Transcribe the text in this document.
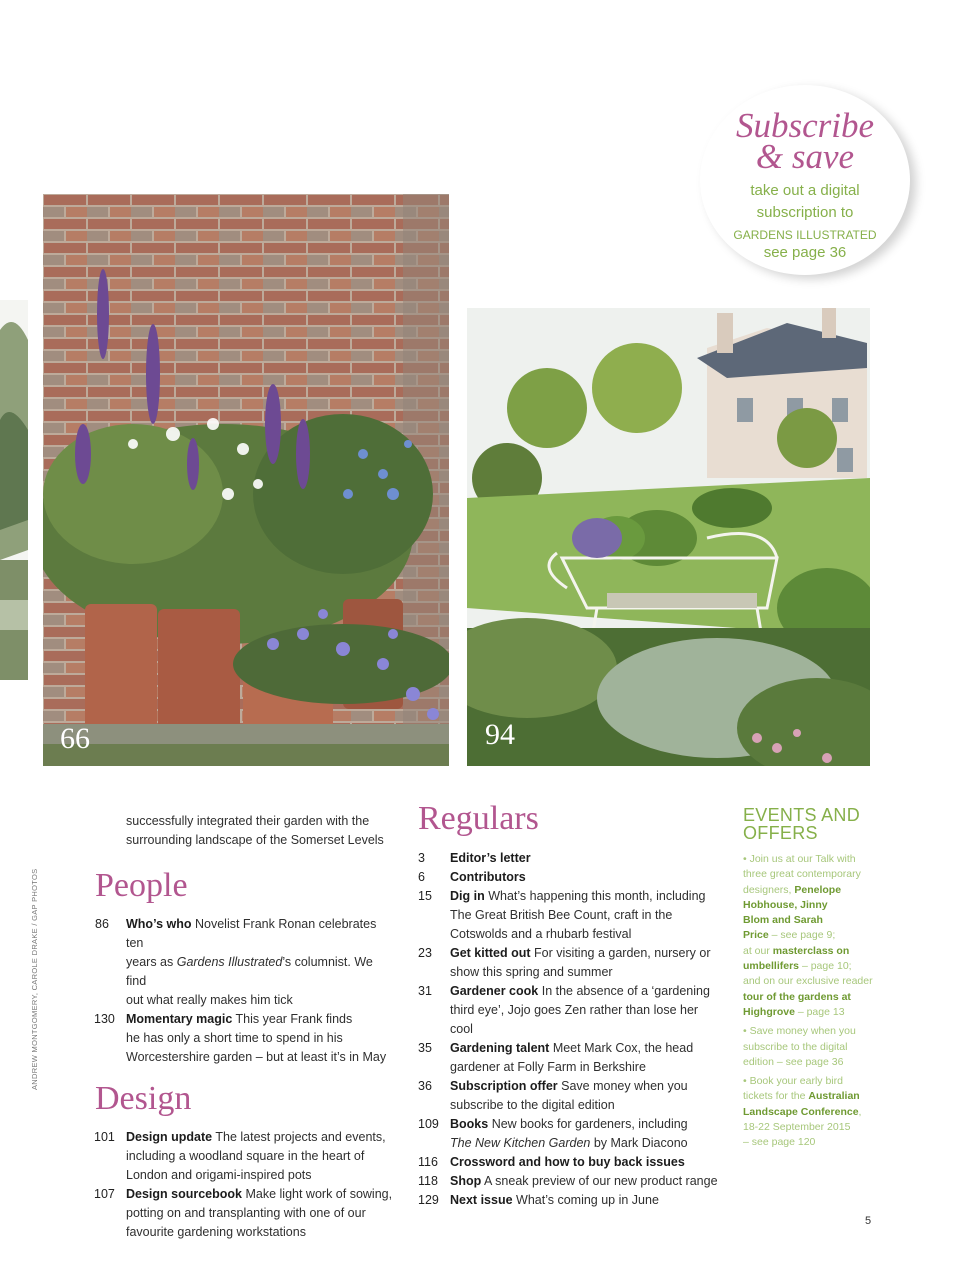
66	94
Subscribe
& save
take out a digital
subscription to
GARDENS ILLUSTRATED
see page 36
successfully integrated their garden with the
surrounding landscape of the Somerset Levels
People
86 Who’s who Novelist Frank Ronan celebrates ten
years as Gardens Illustrated’s columnist. We find
out what really makes him tick
130 Momentary magic This year Frank finds
he has only a short time to spend in his
Worcestershire garden – but at least it’s in May
Design
101 Design update The latest projects and events,
including a woodland square in the heart of
London and origami-inspired pots
107 Design sourcebook Make light work of sowing,
potting on and transplanting with one of our
favourite gardening workstations
Regulars
3 Editor’s letter
6 Contributors
15 Dig in What’s happening this month, including
The Great British Bee Count, craft in the
Cotswolds and a rhubarb festival
23 Get kitted out For visiting a garden, nursery or
show this spring and summer
31 Gardener cook In the absence of a ‘gardening
third eye’, Jojo goes Zen rather than lose her cool
35 Gardening talent Meet Mark Cox, the head
gardener at Folly Farm in Berkshire
36 Subscription offer Save money when you
subscribe to the digital edition
109 Books New books for gardeners, including
The New Kitchen Garden by Mark Diacono
116 Crossword and how to buy back issues
118 Shop A sneak preview of our new product range
129 Next issue What’s coming up in June
EVENTS AND
OFFERS
• Join us at our Talk with
three great contemporary
designers, Penelope
Hobhouse, Jinny
Blom and Sarah
Price – see page 9;
at our masterclass on
umbellifers – page 10;
and on our exclusive reader
tour of the gardens at
Highgrove – page 13
• Save money when you
subscribe to the digital
edition – see page 36
• Book your early bird
tickets for the Australian
Landscape Conference,
18-22 September 2015
– see page 120
ANDREW MONTGOMERY, CAROLE DRAKE / GAP PHOTOS
5
